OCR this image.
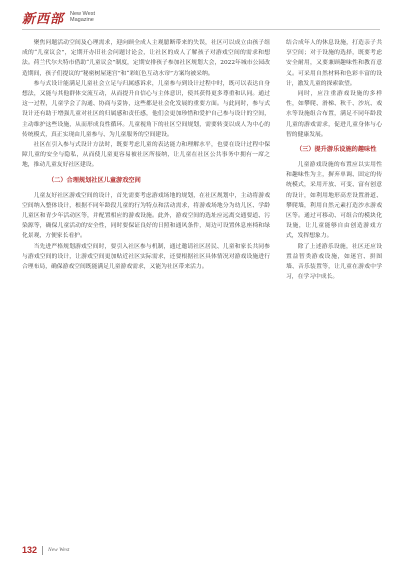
新西部 New West
Magazine

聚焦问题活动空间及心理需求，迎向顾全成人主观臆断带来的失误，社区可以成立由孩子组成的“儿童议会”，定期开办旧社会问题讨论会，让社区的成人了解孩子对游戏空间的需求和想法。荷兰代尔夫特市借助“儿童议会”制度，定期安排孩子参加社区规划大会，2022年城市公园改造期间，孩子们提议的“秘密树屋迷宫”和“彩虹色互动水帘”方案均被采纳。

参与式设计能满足儿童社会立足与归属感诉求，儿童参与到设计过程中时，既可以表达自身想法，又能与其他群体交流互动，从而提升自信心与主体意识，使其获得更多尊重和认同。通过这一过程，儿童学会了沟通、协商与妥协，这些都是社会化发展的重要方面。与此同时，参与式设计还有助于增强儿童对社区的归属感和责任感，他们会更加珍惜和爱护自己参与设计的空间，主动维护这些设施，从而形成良性循环。儿童视角下的社区空间规划，需要转变以成人为中心的传统模式，真正实现由儿童参与、为儿童服务的空间建设。

社区在引入参与式设计方法时，既要考虑儿童的表达能力和理解水平，也要在设计过程中保障儿童的安全与隐私，从而使儿童更容易被社区所接纳，让儿童在社区公共事务中拥有一席之地，推动儿童友好社区建设。

（二）合理规划社区儿童游戏空间

儿童友好社区游戏空间的设计，首先需要考虑游戏场地的规划，在社区规划中，主动将游戏空间纳入整体设计，根据不同年龄段儿童的行为特点和活动需求，将游戏场地分为幼儿区、学龄儿童区和青少年活动区等，并配置相应的游戏设施。此外，游戏空间的选址应远离交通要道、污染源等，确保儿童活动的安全性，同时要保证良好的日照和通风条件，周边可设置休息座椅和绿化景观，方便家长看护。

当先进严格规划游戏空间时，要引入社区参与机制，通过邀请社区居民、儿童和家长共同参与游戏空间的设计，让游戏空间更加贴近社区实际需求，还要根据社区具体情况对游戏设施进行合理布局，确保游戏空间既能满足儿童游戏需求，又能为社区带来活力。

结合成年人的休息设施，打造亲子共享空间；对于设施的选择，既要考虑安全耐用，又要兼顾趣味性和教育意义。可采用自然材料和色彩丰富的设计，激发儿童的探索欲望。

同时，应注重游戏设施的多样性，如攀爬、滑梯、秋千、沙坑、戏水等设施组合布置，满足不同年龄段儿童的游戏需求，促进儿童身体与心智的健康发展。

（三）提升游乐设施的趣味性

儿童游戏设施的布置应以实用性和趣味性为主，摒弃单调、固定的传统模式，采用开放、可变、富有创意的设计，如利用地形高差设置滑道、攀爬墙，利用自然元素打造沙水游戏区等。通过可移动、可组合的模块化设施，让儿童能够自由创造游戏方式，发挥想象力。

除了上述游乐设施，社区还应设置益智类游戏设施，如迷宫、拼图墙、音乐装置等，让儿童在游戏中学习，在学习中成长。

132 New West
